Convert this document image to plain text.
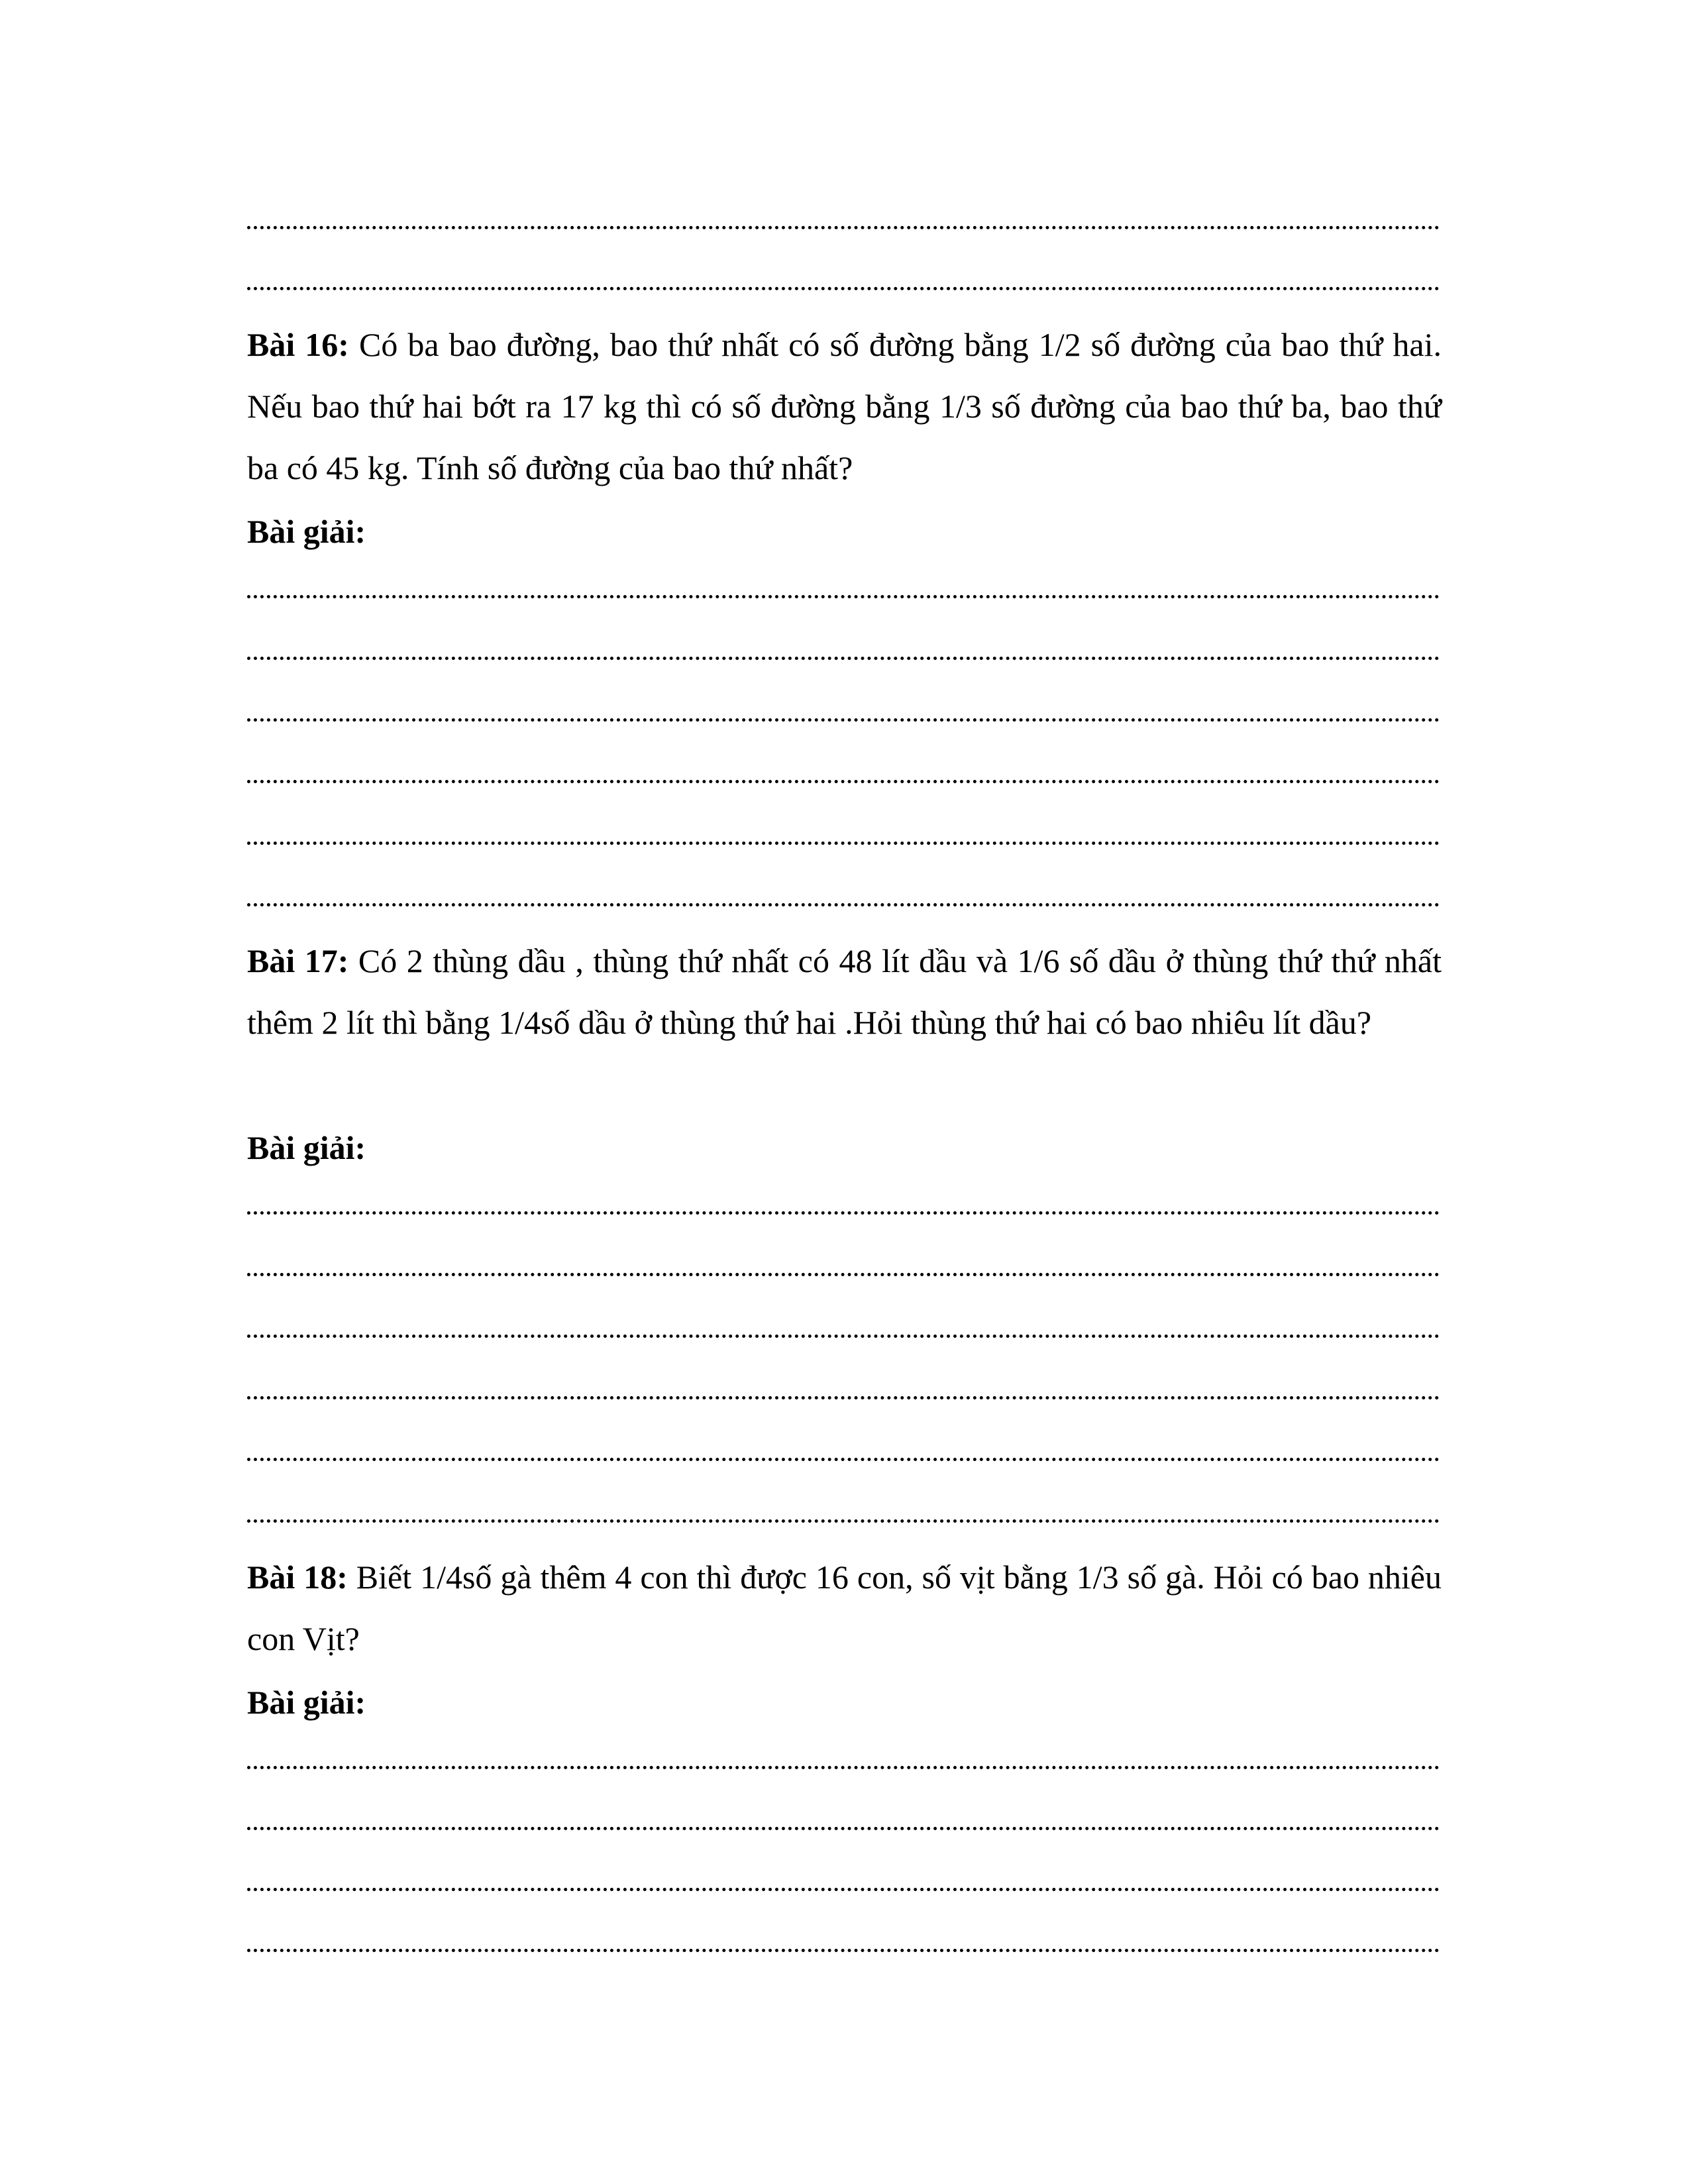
Bài 16: Có ba bao đường, bao thứ nhất có số đường bằng 1/2 số đường của bao thứ hai. Nếu bao thứ hai bớt ra 17 kg thì có số đường bằng 1/3 số đường của bao thứ ba, bao thứ ba có 45 kg. Tính số đường của bao thứ nhất?
Bài giải:
Bài 17: Có 2 thùng dầu , thùng thứ nhất có 48 lít dầu và 1/6 số dầu ở thùng thứ thứ nhất thêm 2 lít thì bằng 1/4số dầu ở thùng thứ hai .Hỏi thùng thứ hai có bao nhiêu lít dầu?
Bài giải:
Bài 18: Biết 1/4số gà thêm 4 con thì được 16 con, số vịt bằng 1/3 số gà. Hỏi có bao nhiêu con Vịt?
Bài giải:
